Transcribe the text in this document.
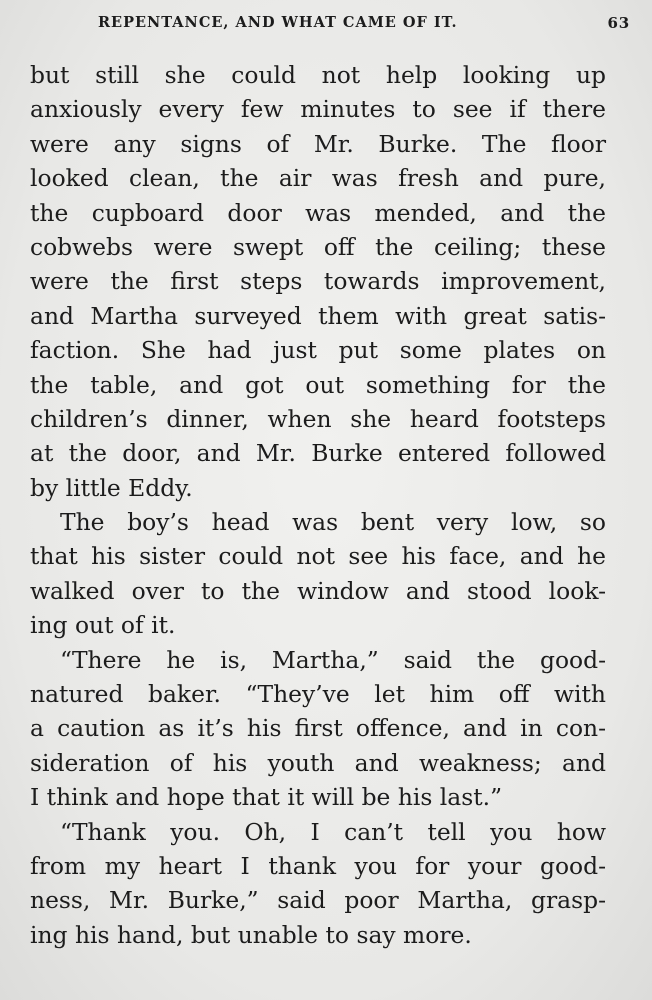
REPENTANCE, AND WHAT CAME OF IT.	63
but still she could not help looking up
anxiously every few minutes to see if there
were any signs of Mr. Burke. The floor
looked clean, the air was fresh and pure,
the cupboard door was mended, and the
cobwebs were swept off the ceiling; these
were the first steps towards improvement,
and Martha surveyed them with great satis-
faction. She had just put some plates on
the table, and got out something for the
children’s dinner, when she heard footsteps
at the door, and Mr. Burke entered followed
by little Eddy.
The boy’s head was bent very low, so
that his sister could not see his face, and he
walked over to the window and stood look-
ing out of it.
“There he is, Martha,” said the good-
natured baker. “They’ve let him off with
a caution as it’s his first offence, and in con-
sideration of his youth and weakness; and
I think and hope that it will be his last.”
“Thank you. Oh, I can’t tell you how
from my heart I thank you for your good-
ness, Mr. Burke,” said poor Martha, grasp-
ing his hand, but unable to say more.
